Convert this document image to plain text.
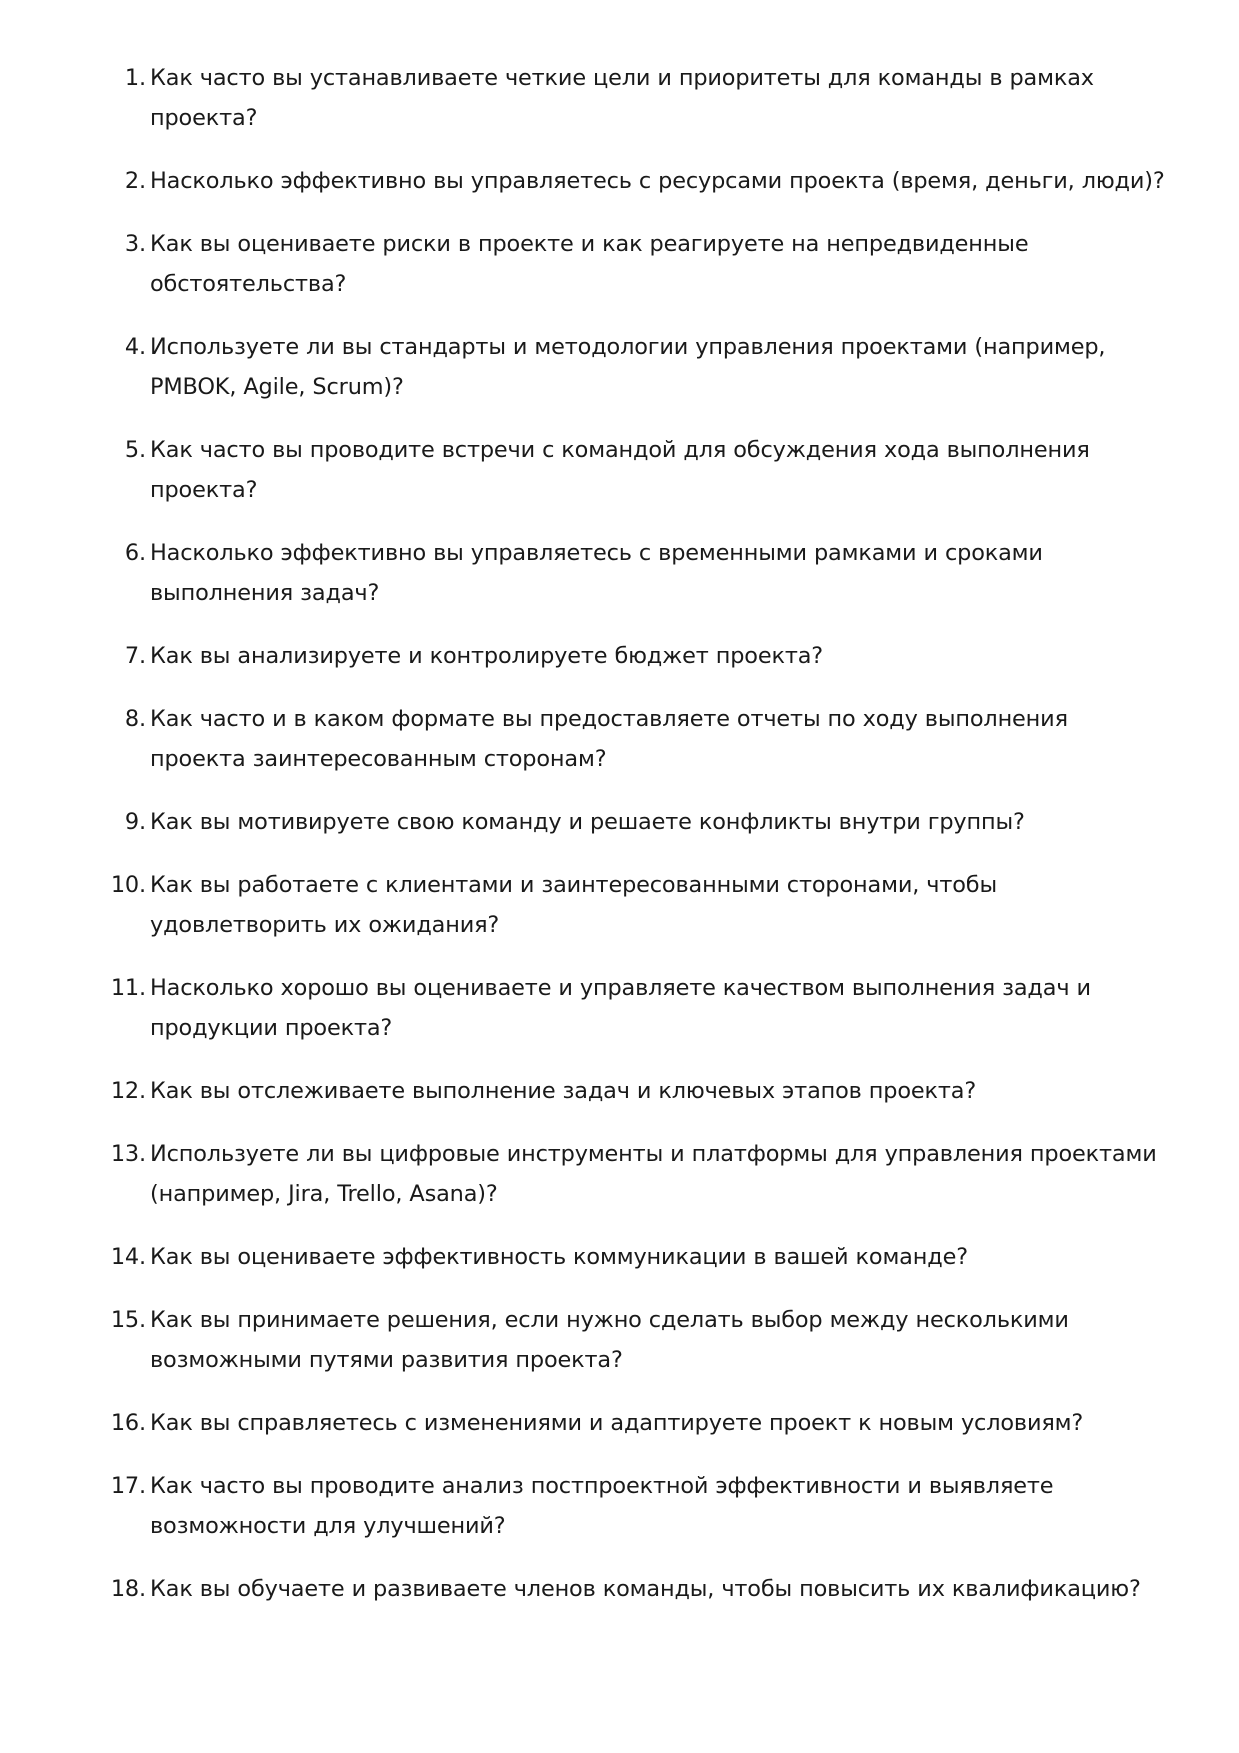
1. Как часто вы устанавливаете четкие цели и приоритеты для команды в рамках проекта?
2. Насколько эффективно вы управляетесь с ресурсами проекта (время, деньги, люди)?
3. Как вы оцениваете риски в проекте и как реагируете на непредвиденные обстоятельства?
4. Используете ли вы стандарты и методологии управления проектами (например, PMBOK, Agile, Scrum)?
5. Как часто вы проводите встречи с командой для обсуждения хода выполнения проекта?
6. Насколько эффективно вы управляетесь с временными рамками и сроками выполнения задач?
7. Как вы анализируете и контролируете бюджет проекта?
8. Как часто и в каком формате вы предоставляете отчеты по ходу выполнения проекта заинтересованным сторонам?
9. Как вы мотивируете свою команду и решаете конфликты внутри группы?
10. Как вы работаете с клиентами и заинтересованными сторонами, чтобы удовлетворить их ожидания?
11. Насколько хорошо вы оцениваете и управляете качеством выполнения задач и продукции проекта?
12. Как вы отслеживаете выполнение задач и ключевых этапов проекта?
13. Используете ли вы цифровые инструменты и платформы для управления проектами (например, Jira, Trello, Asana)?
14. Как вы оцениваете эффективность коммуникации в вашей команде?
15. Как вы принимаете решения, если нужно сделать выбор между несколькими возможными путями развития проекта?
16. Как вы справляетесь с изменениями и адаптируете проект к новым условиям?
17. Как часто вы проводите анализ постпроектной эффективности и выявляете возможности для улучшений?
18. Как вы обучаете и развиваете членов команды, чтобы повысить их квалификацию?
